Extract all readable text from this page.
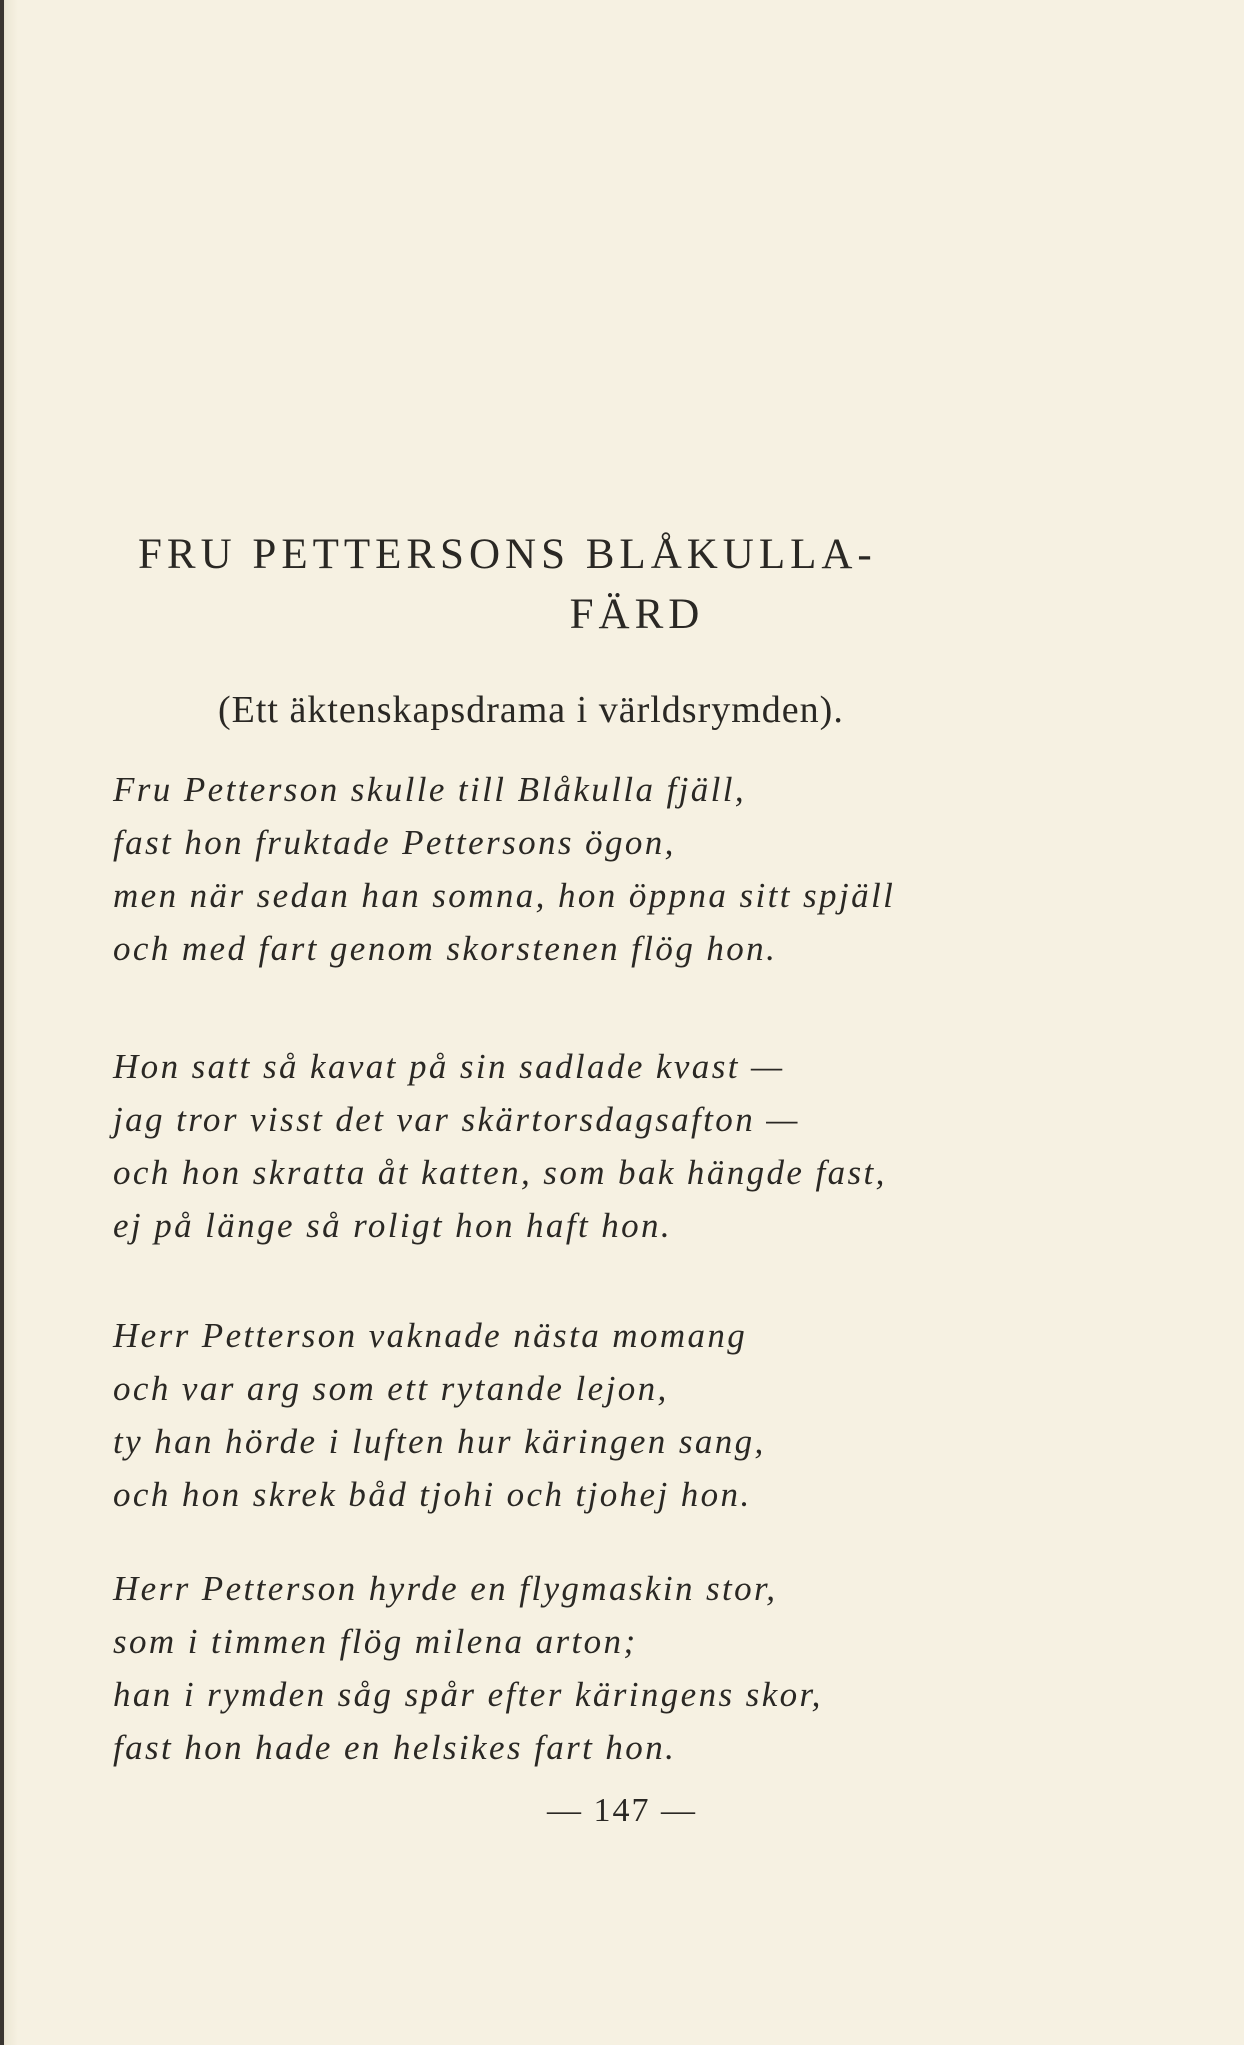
FRU PETTERSONS BLÅKULLA-
FÄRD
(Ett äktenskapsdrama i världsrymden).
Fru Petterson skulle till Blåkulla fjäll,
fast hon fruktade Pettersons ögon,
men när sedan han somna, hon öppna sitt spjäll
och med fart genom skorstenen flög hon.
Hon satt så kavat på sin sadlade kvast —
jag tror visst det var skärtorsdagsafton —
och hon skratta åt katten, som bak hängde fast,
ej på länge så roligt hon haft hon.
Herr Petterson vaknade nästa momang
och var arg som ett rytande lejon,
ty han hörde i luften hur käringen sang,
och hon skrek båd tjohi och tjohej hon.
Herr Petterson hyrde en flygmaskin stor,
som i timmen flög milena arton;
han i rymden såg spår efter käringens skor,
fast hon hade en helsikes fart hon.
— 147 —
